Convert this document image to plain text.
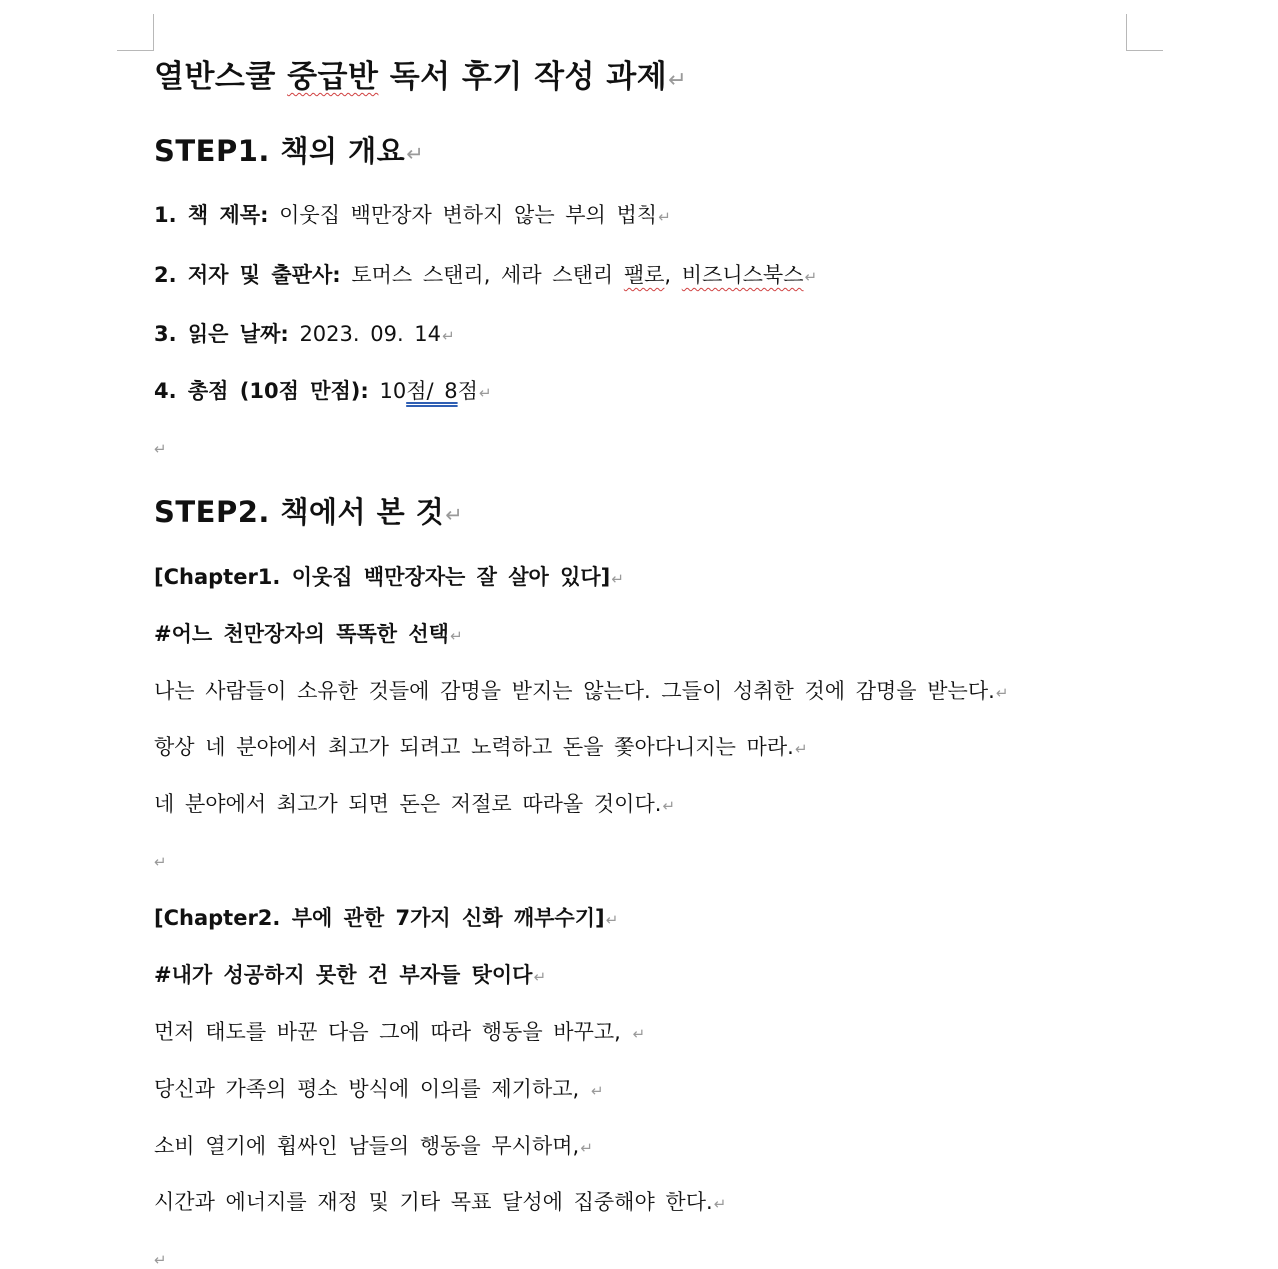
열반스쿨 중급반 독서 후기 작성 과제↵
STEP1. 책의 개요↵
1. 책 제목: 이웃집 백만장자 변하지 않는 부의 법칙↵
2. 저자 및 출판사: 토머스 스탠리, 세라 스탠리 팰로, 비즈니스북스↵
3. 읽은 날짜: 2023. 09. 14↵
4. 총점 (10점 만점): 10점/ 8점↵
↵
STEP2. 책에서 본 것↵
[Chapter1. 이웃집 백만장자는 잘 살아 있다]↵
#어느 천만장자의 똑똑한 선택↵
나는 사람들이 소유한 것들에 감명을 받지는 않는다. 그들이 성취한 것에 감명을 받는다.↵
항상 네 분야에서 최고가 되려고 노력하고 돈을 쫓아다니지는 마라.↵
네 분야에서 최고가 되면 돈은 저절로 따라올 것이다.↵
↵
[Chapter2. 부에 관한 7가지 신화 깨부수기]↵
#내가 성공하지 못한 건 부자들 탓이다↵
먼저 태도를 바꾼 다음 그에 따라 행동을 바꾸고, ↵
당신과 가족의 평소 방식에 이의를 제기하고, ↵
소비 열기에 휩싸인 남들의 행동을 무시하며,↵
시간과 에너지를 재정 및 기타 목표 달성에 집중해야 한다.↵
↵
